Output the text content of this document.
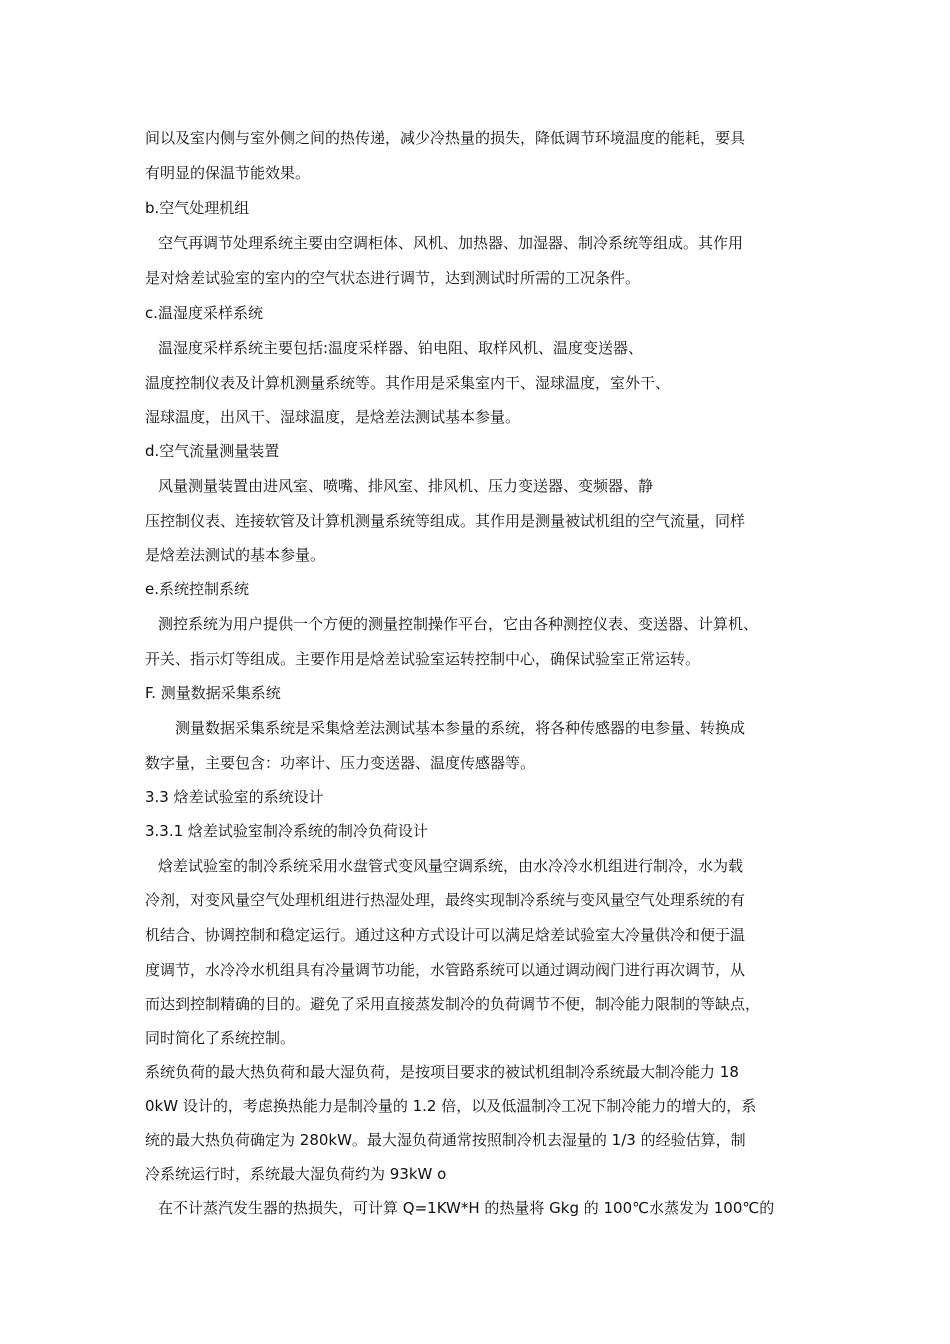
间以及室内侧与室外侧之间的热传递，减少冷热量的损失，降低调节环境温度的能耗，要具
有明显的保温节能效果。
b.空气处理机组
空气再调节处理系统主要由空调柜体、风机、加热器、加湿器、制冷系统等组成。其作用
是对焓差试验室的室内的空气状态进行调节，达到测试时所需的工况条件。
c.温湿度采样系统
温湿度采样系统主要包括:温度采样器、铂电阻、取样风机、温度变送器、
温度控制仪表及计算机测量系统等。其作用是采集室内干、湿球温度，室外干、
湿球温度，出风干、湿球温度，是焓差法测试基本参量。
d.空气流量测量装置
风量测量装置由进风室、喷嘴、排风室、排风机、压力变送器、变频器、静
压控制仪表、连接软管及计算机测量系统等组成。其作用是测量被试机组的空气流量，同样
是焓差法测试的基本参量。
e.系统控制系统
测控系统为用户提供一个方便的测量控制操作平台，它由各种测控仪表、变送器、计算机、
开关、指示灯等组成。主要作用是焓差试验室运转控制中心，确保试验室正常运转。
F. 测量数据采集系统
测量数据采集系统是采集焓差法测试基本参量的系统，将各种传感器的电参量、转换成
数字量，主要包含：功率计、压力变送器、温度传感器等。
3.3 焓差试验室的系统设计
3.3.1 焓差试验室制冷系统的制冷负荷设计
焓差试验室的制冷系统采用水盘管式变风量空调系统，由水冷冷水机组进行制冷，水为载
冷剂，对变风量空气处理机组进行热湿处理，最终实现制冷系统与变风量空气处理系统的有
机结合、协调控制和稳定运行。通过这种方式设计可以满足焓差试验室大冷量供冷和便于温
度调节，水冷冷水机组具有冷量调节功能，水管路系统可以通过调动阀门进行再次调节，从
而达到控制精确的目的。避免了采用直接蒸发制冷的负荷调节不便，制冷能力限制的等缺点，
同时简化了系统控制。
系统负荷的最大热负荷和最大湿负荷，是按项目要求的被试机组制冷系统最大制冷能力 18
0kW 设计的，考虑换热能力是制冷量的 1.2 倍，以及低温制冷工况下制冷能力的增大的，系
统的最大热负荷确定为 280kW。最大湿负荷通常按照制冷机去湿量的 1/3 的经验估算，制
冷系统运行时，系统最大湿负荷约为 93kW o
在不计蒸汽发生器的热损失，可计算 Q=1KW*H 的热量将 Gkg 的 100℃水蒸发为 100℃的
